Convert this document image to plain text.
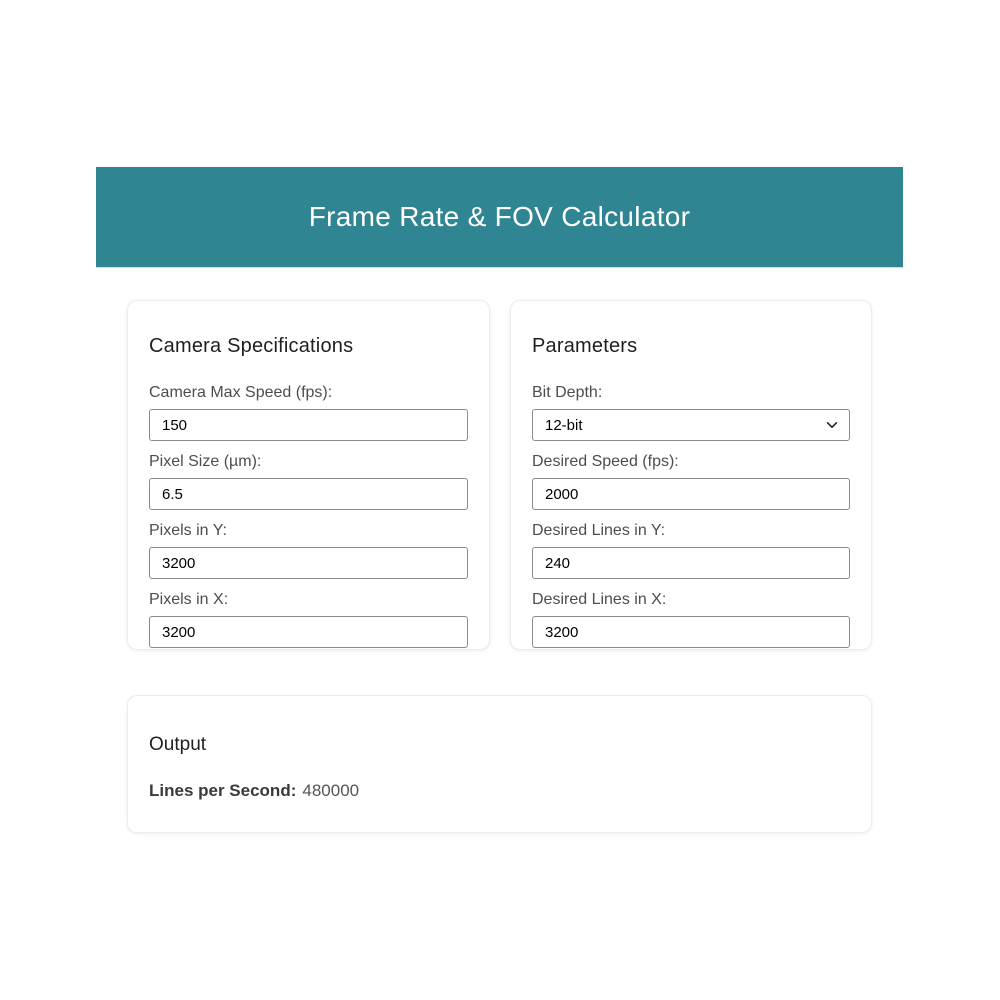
Frame Rate & FOV Calculator
Camera Specifications
Camera Max Speed (fps):
150
Pixel Size (µm):
6.5
Pixels in Y:
3200
Pixels in X:
3200
Parameters
Bit Depth:
12-bit
Desired Speed (fps):
2000
Desired Lines in Y:
240
Desired Lines in X:
3200
Output
Lines per Second: 480000
